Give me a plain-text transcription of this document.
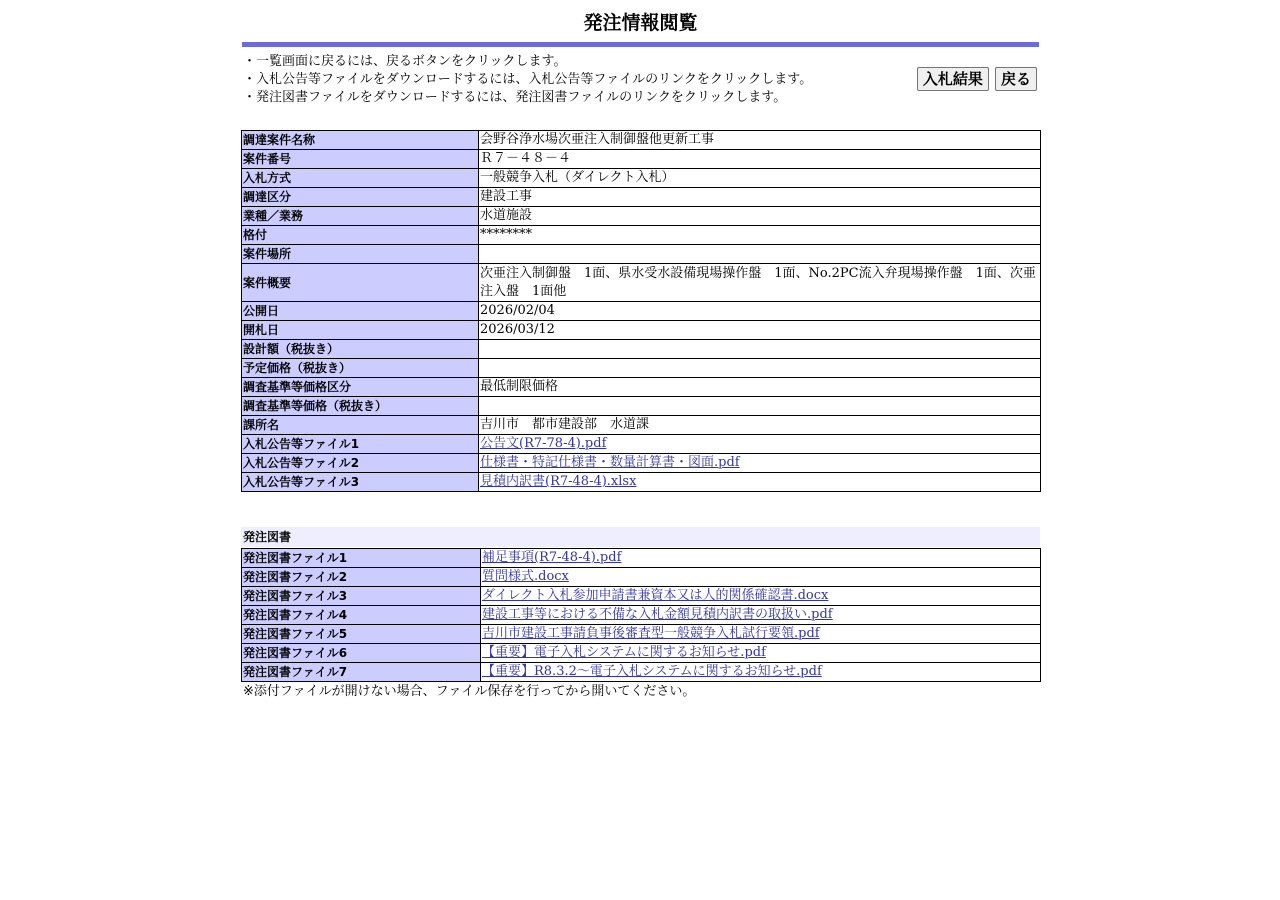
発注情報閲覧
・一覧画面に戻るには、戻るボタンをクリックします。
・入札公告等ファイルをダウンロードするには、入札公告等ファイルのリンクをクリックします。
・発注図書ファイルをダウンロードするには、発注図書ファイルのリンクをクリックします。
入札結果 戻る
調達案件名称	会野谷浄水場次亜注入制御盤他更新工事
案件番号	Ｒ７－４８－４
入札方式	一般競争入札（ダイレクト入札）
調達区分	建設工事
業種／業務	水道施設
格付	********
案件場所	
案件概要	次亜注入制御盤　1面、県水受水設備現場操作盤　1面、No.2PC流入弁現場操作盤　1面、次亜注入盤　1面他
公開日	2026/02/04
開札日	2026/03/12
設計額（税抜き）	
予定価格（税抜き）	
調査基準等価格区分	最低制限価格
調査基準等価格（税抜き）	
課所名	吉川市　都市建設部　水道課
入札公告等ファイル1	公告文(R7-78-4).pdf
入札公告等ファイル2	仕様書・特記仕様書・数量計算書・図面.pdf
入札公告等ファイル3	見積内訳書(R7-48-4).xlsx
発注図書
発注図書ファイル1	補足事項(R7-48-4).pdf
発注図書ファイル2	質問様式.docx
発注図書ファイル3	ダイレクト入札参加申請書兼資本又は人的関係確認書.docx
発注図書ファイル4	建設工事等における不備な入札金額見積内訳書の取扱い.pdf
発注図書ファイル5	吉川市建設工事請負事後審査型一般競争入札試行要領.pdf
発注図書ファイル6	【重要】電子入札システムに関するお知らせ.pdf
発注図書ファイル7	【重要】R8.3.2～電子入札システムに関するお知らせ.pdf
※添付ファイルが開けない場合、ファイル保存を行ってから開いてください。
